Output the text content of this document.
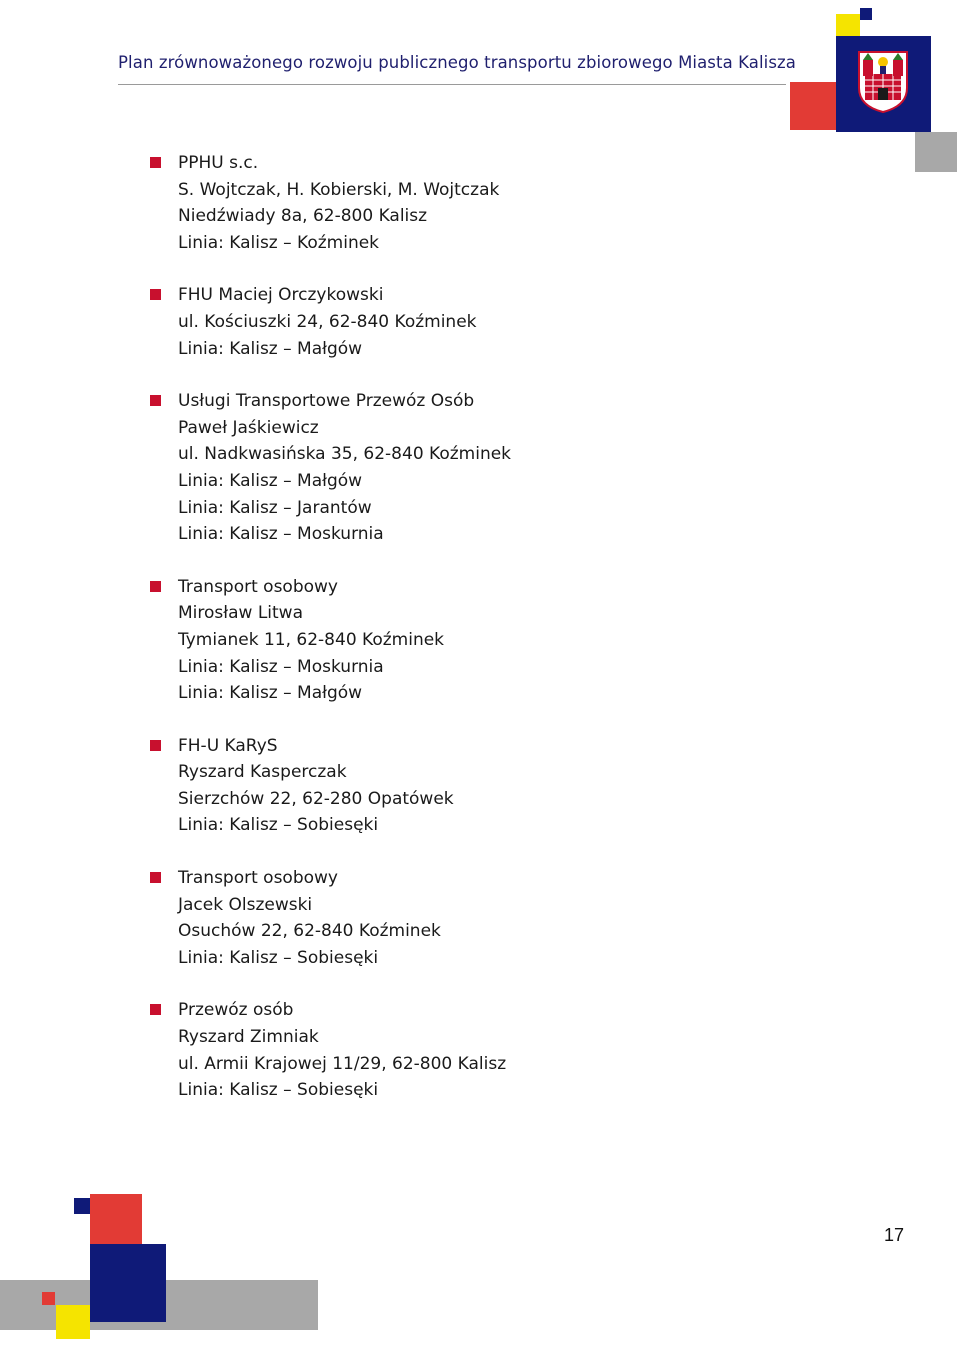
Plan zrównoważonego rozwoju publicznego transportu zbiorowego Miasta Kalisza
PPHU s.c.
S. Wojtczak, H. Kobierski, M. Wojtczak
Niedźwiady 8a, 62-800 Kalisz
Linia: Kalisz – Koźminek
FHU Maciej Orczykowski
ul. Kościuszki 24, 62-840 Koźminek
Linia: Kalisz – Małgów
Usługi Transportowe Przewóz Osób
Paweł Jaśkiewicz
ul. Nadkwasińska 35, 62-840 Koźminek
Linia: Kalisz – Małgów
Linia: Kalisz – Jarantów
Linia: Kalisz – Moskurnia
Transport osobowy
Mirosław Litwa
Tymianek 11, 62-840 Koźminek
Linia: Kalisz – Moskurnia
Linia: Kalisz – Małgów
FH-U KaRyS
Ryszard Kasperczak
Sierzchów 22, 62-280 Opatówek
Linia: Kalisz – Sobiesęki
Transport osobowy
Jacek Olszewski
Osuchów 22, 62-840 Koźminek
Linia: Kalisz – Sobiesęki
Przewóz osób
Ryszard Zimniak
ul. Armii Krajowej 11/29, 62-800 Kalisz
Linia: Kalisz – Sobiesęki
17
